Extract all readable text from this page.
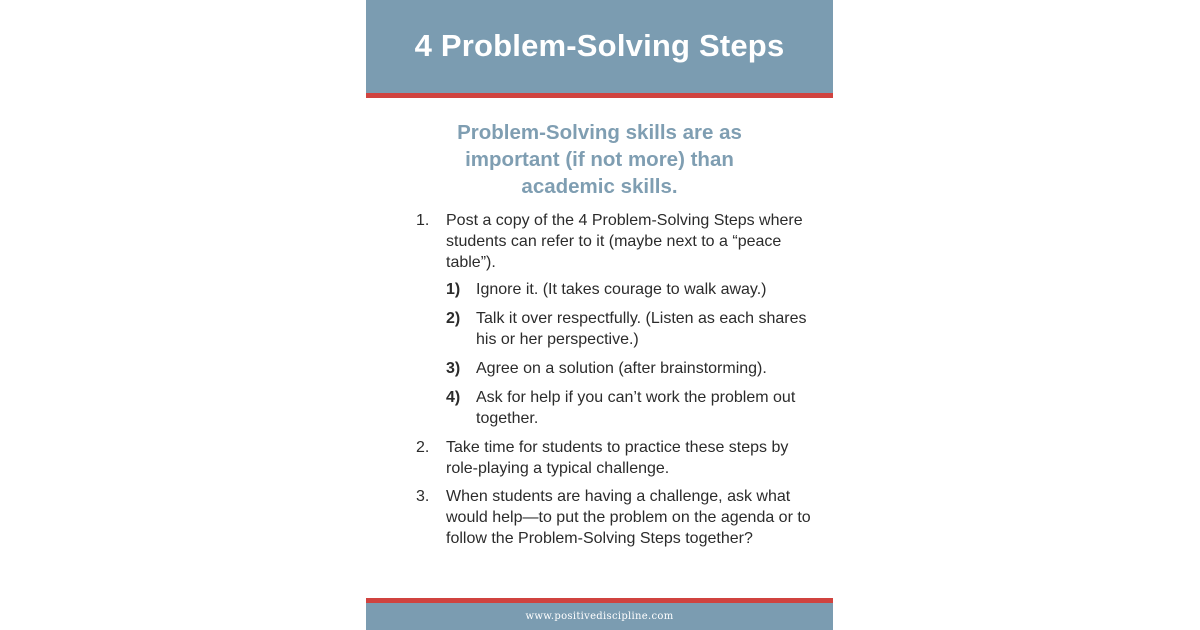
4 Problem-Solving Steps
Problem-Solving skills are as
important (if not more) than
academic skills.
1. Post a copy of the 4 Problem-Solving Steps where students can refer to it (maybe next to a “peace table”).
1) Ignore it. (It takes courage to walk away.)
2) Talk it over respectfully. (Listen as each shares his or her perspective.)
3) Agree on a solution (after brainstorming).
4) Ask for help if you can’t work the problem out together.
2. Take time for students to practice these steps by role-playing a typical challenge.
3. When students are having a challenge, ask what would help—to put the problem on the agenda or to follow the Problem-Solving Steps together?
www.positivediscipline.com
